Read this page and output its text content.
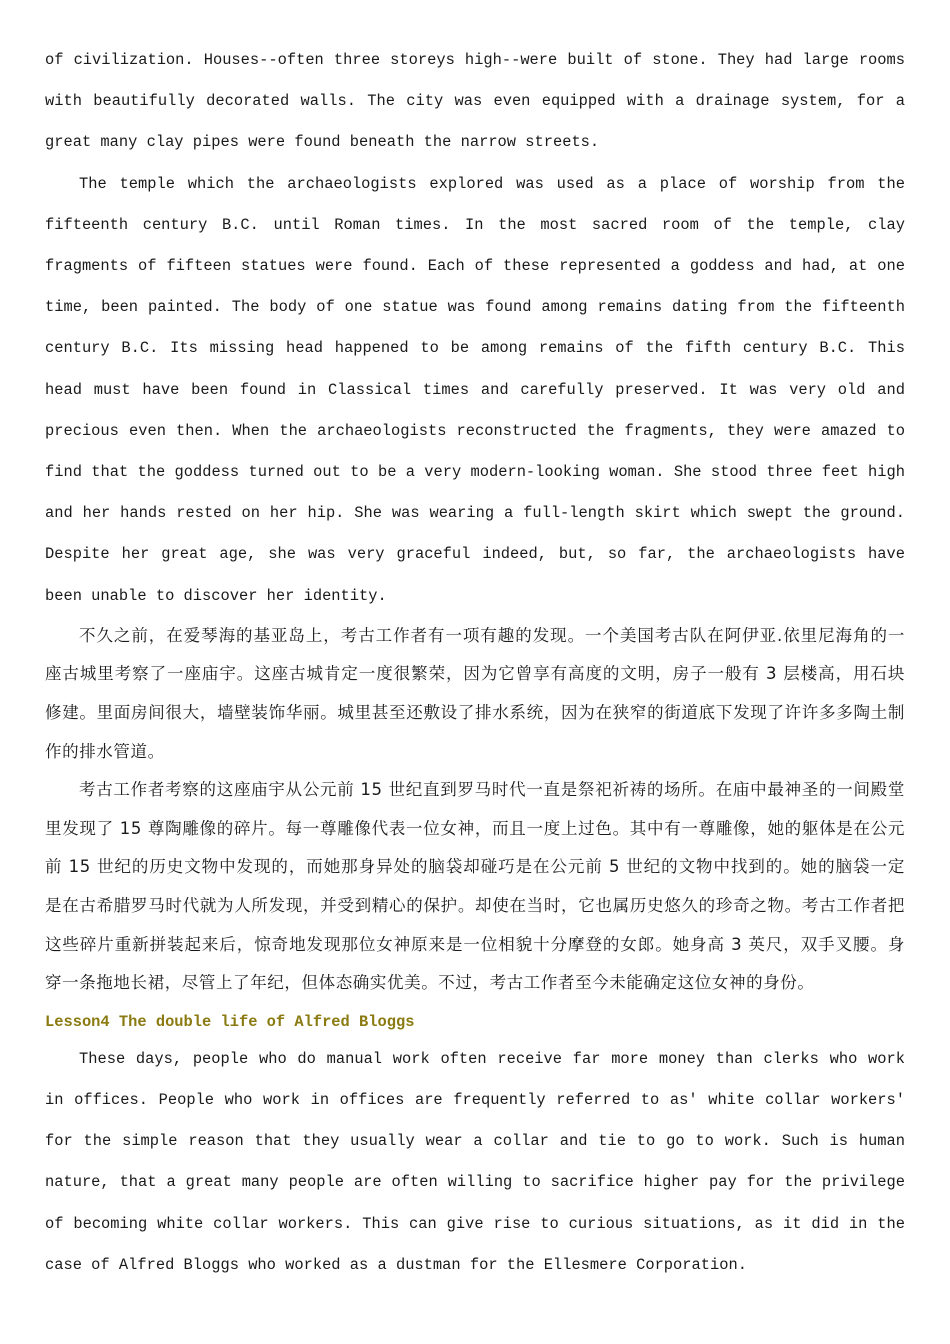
of civilization. Houses--often three storeys high--were built of stone. They had large rooms with beautifully decorated walls. The city was even equipped with a drainage system, for a great many clay pipes were found beneath the narrow streets.

The temple which the archaeologists explored was used as a place of worship from the fifteenth century B.C. until Roman times. In the most sacred room of the temple, clay fragments of fifteen statues were found. Each of these represented a goddess and had, at one time, been painted. The body of one statue was found among remains dating from the fifteenth century B.C. Its missing head happened to be among remains of the fifth century B.C. This head must have been found in Classical times and carefully preserved. It was very old and precious even then. When the archaeologists reconstructed the fragments, they were amazed to find that the goddess turned out to be a very modern-looking woman. She stood three feet high and her hands rested on her hip. She was wearing a full-length skirt which swept the ground. Despite her great age, she was very graceful indeed, but, so far, the archaeologists have been unable to discover her identity.

不久之前，在爱琴海的基亚岛上，考古工作者有一项有趣的发现。一个美国考古队在阿伊亚.依里尼海角的一座古城里考察了一座庙宇。这座古城肯定一度很繁荣，因为它曾享有高度的文明，房子一般有 3 层楼高，用石块修建。里面房间很大，墙壁装饰华丽。城里甚至还敷设了排水系统，因为在狭窄的街道底下发现了许许多多陶土制作的排水管道。

考古工作者考察的这座庙宇从公元前 15 世纪直到罗马时代一直是祭祀祈祷的场所。在庙中最神圣的一间殿堂里发现了 15 尊陶雕像的碎片。每一尊雕像代表一位女神，而且一度上过色。其中有一尊雕像，她的躯体是在公元前 15 世纪的历史文物中发现的，而她那身异处的脑袋却碰巧是在公元前 5 世纪的文物中找到的。她的脑袋一定是在古希腊罗马时代就为人所发现，并受到精心的保护。却使在当时，它也属历史悠久的珍奇之物。考古工作者把这些碎片重新拼装起来后，惊奇地发现那位女神原来是一位相貌十分摩登的女郎。她身高 3 英尺，双手叉腰。身穿一条拖地长裙，尽管上了年纪，但体态确实优美。不过，考古工作者至今未能确定这位女神的身份。

Lesson4 The double life of Alfred Bloggs

These days, people who do manual work often receive far more money than clerks who work in offices. People who work in offices are frequently referred to as' white collar workers' for the simple reason that they usually wear a collar and tie to go to work. Such is human nature, that a great many people are often willing to sacrifice higher pay for the privilege of becoming white collar workers. This can give rise to curious situations, as it did in the case of Alfred Bloggs who worked as a dustman for the Ellesmere Corporation.
